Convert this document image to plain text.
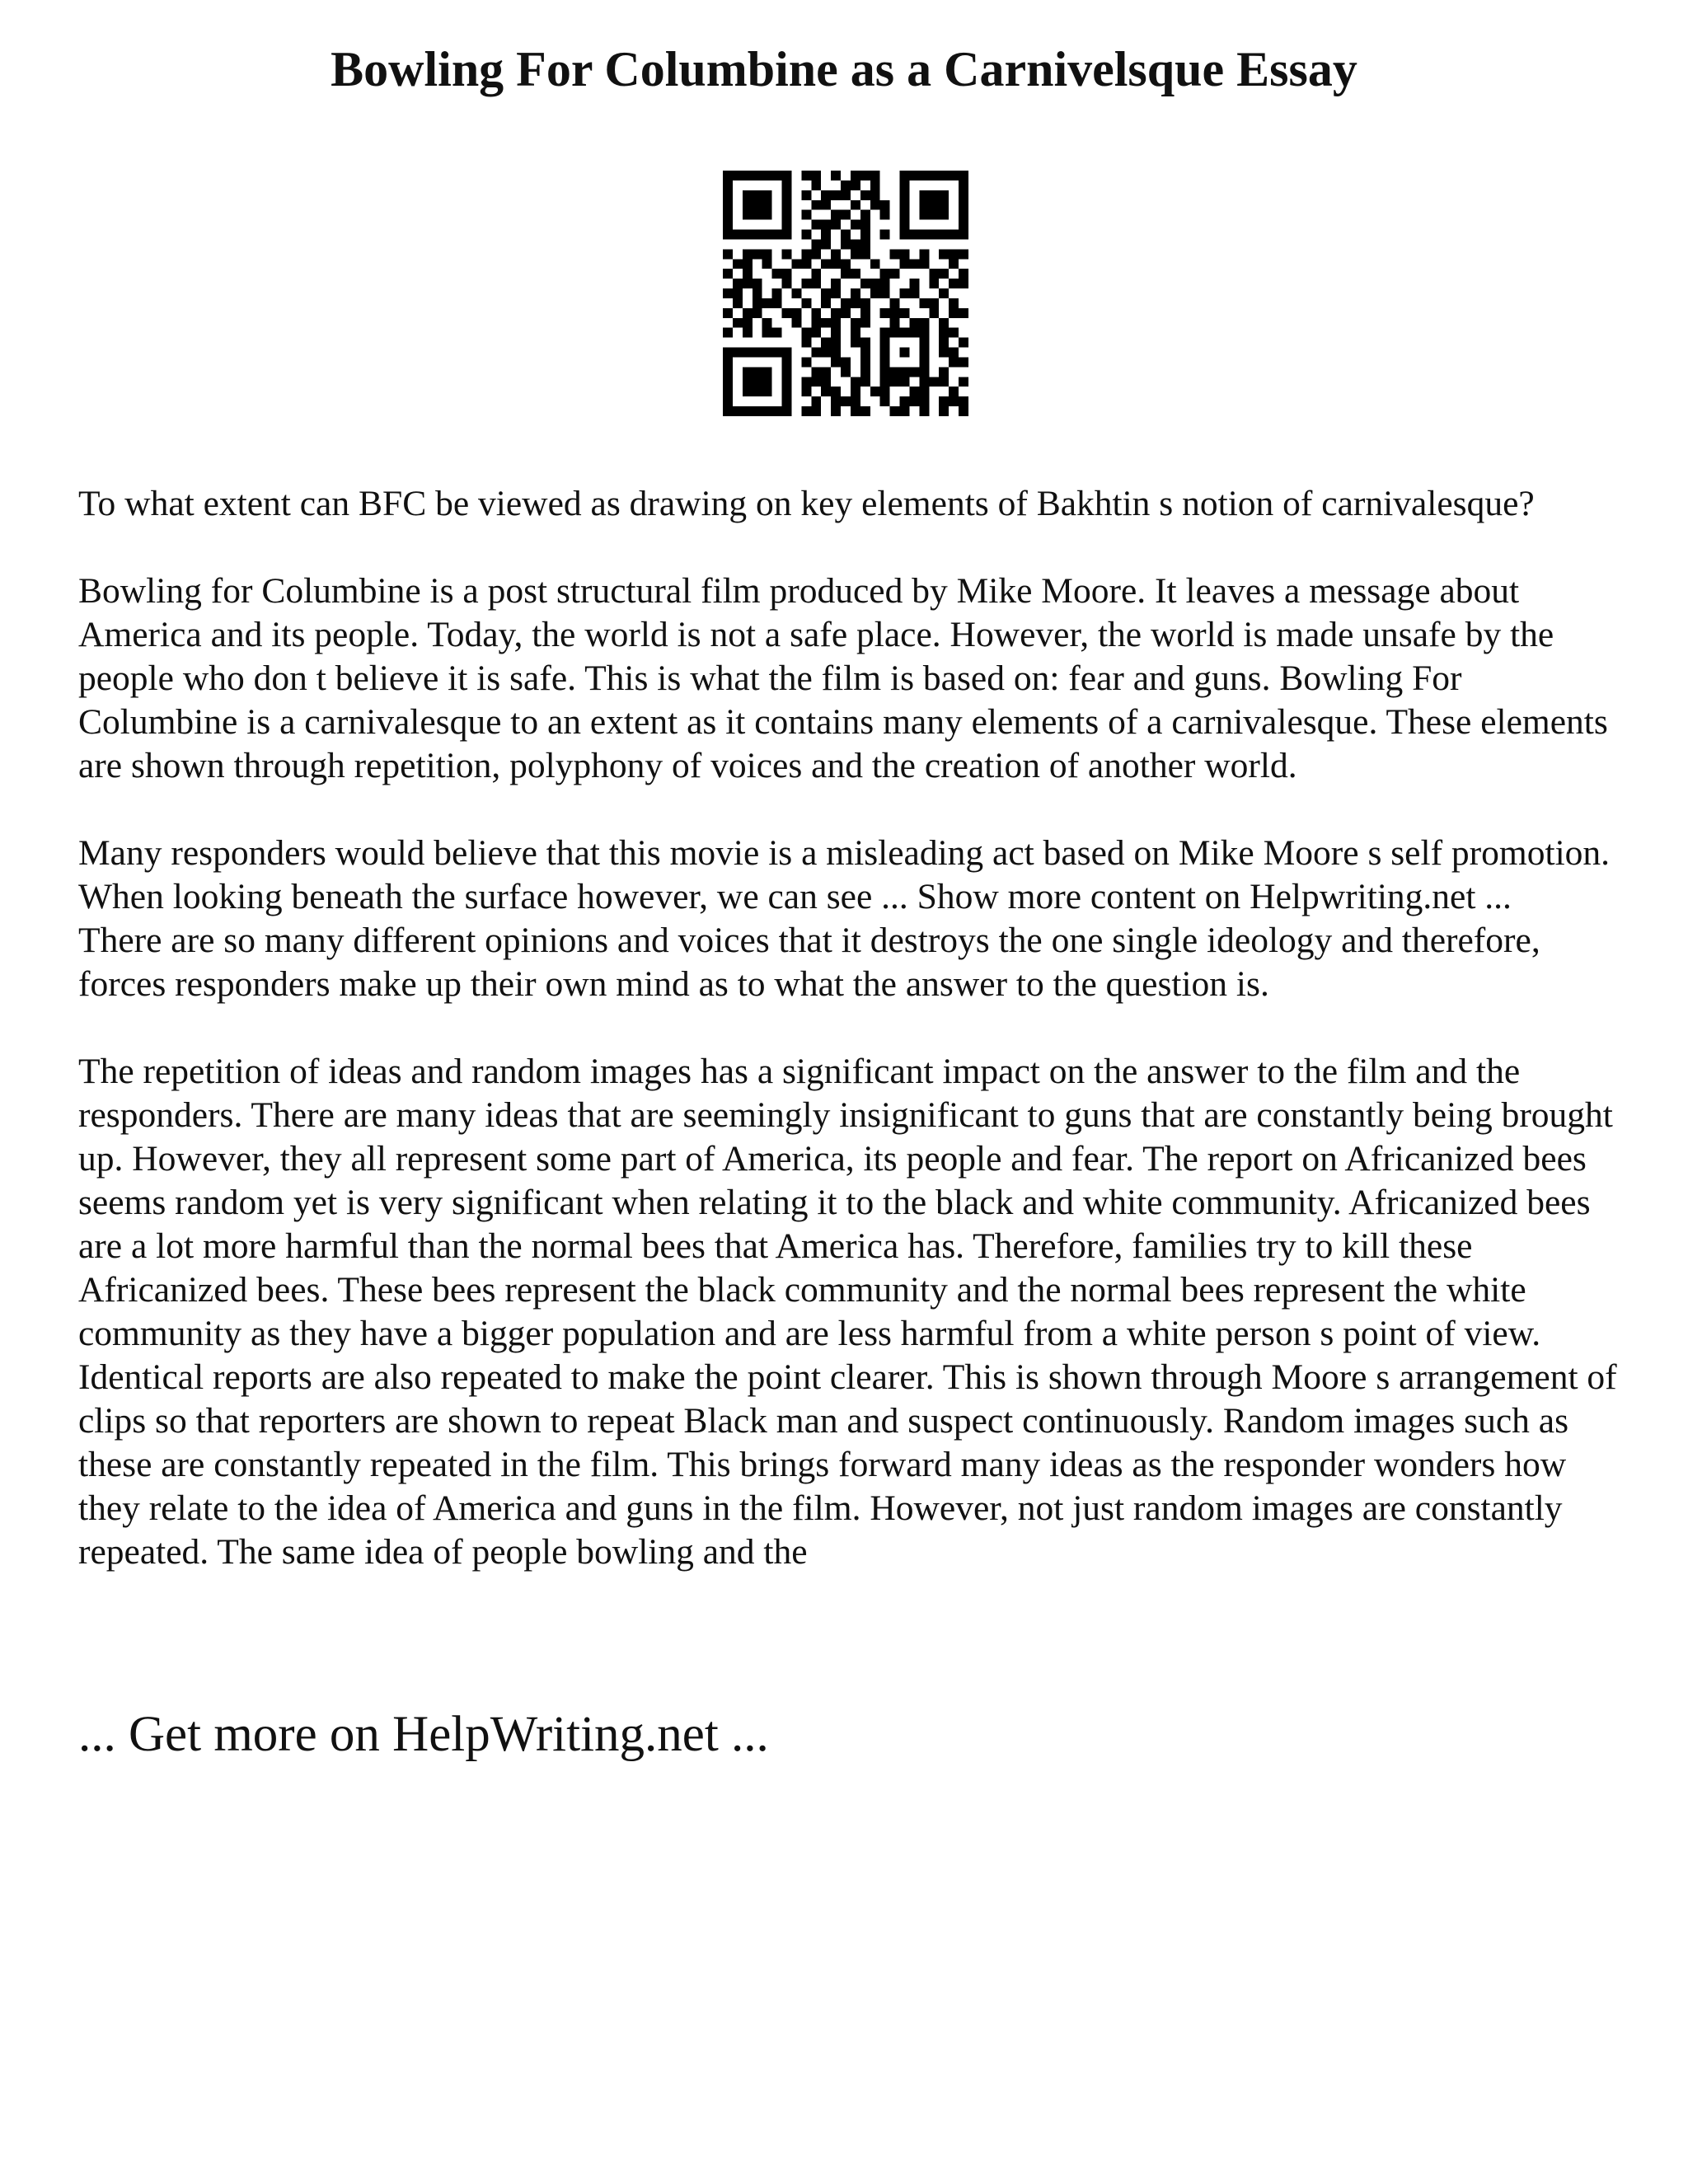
Bowling For Columbine as a Carnivelsque Essay

To what extent can BFC be viewed as drawing on key elements of Bakhtin s notion of carnivalesque?

Bowling for Columbine is a post structural film produced by Mike Moore. It leaves a message about America and its people. Today, the world is not a safe place. However, the world is made unsafe by the people who don t believe it is safe. This is what the film is based on: fear and guns. Bowling For Columbine is a carnivalesque to an extent as it contains many elements of a carnivalesque. These elements are shown through repetition, polyphony of voices and the creation of another world.

Many responders would believe that this movie is a misleading act based on Mike Moore s self promotion. When looking beneath the surface however, we can see ... Show more content on Helpwriting.net ...

There are so many different opinions and voices that it destroys the one single ideology and therefore, forces responders make up their own mind as to what the answer to the question is.

The repetition of ideas and random images has a significant impact on the answer to the film and the responders. There are many ideas that are seemingly insignificant to guns that are constantly being brought up. However, they all represent some part of America, its people and fear. The report on Africanized bees seems random yet is very significant when relating it to the black and white community. Africanized bees are a lot more harmful than the normal bees that America has. Therefore, families try to kill these Africanized bees. These bees represent the black community and the normal bees represent the white community as they have a bigger population and are less harmful from a white person s point of view. Identical reports are also repeated to make the point clearer. This is shown through Moore s arrangement of clips so that reporters are shown to repeat Black man and suspect continuously. Random images such as these are constantly repeated in the film. This brings forward many ideas as the responder wonders how they relate to the idea of America and guns in the film. However, not just random images are constantly repeated. The same idea of people bowling and the

... Get more on HelpWriting.net ...
